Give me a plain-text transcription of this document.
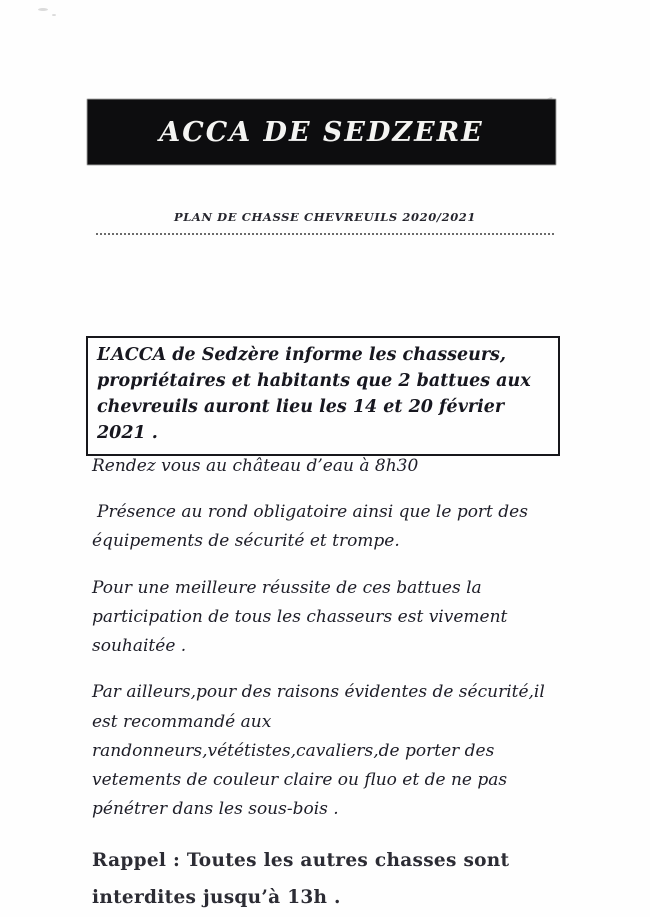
ACCA DE SEDZERE
PLAN DE CHASSE CHEVREUILS 2020/2021

L’ACCA de Sedzère informe les chasseurs, propriétaires et habitants que 2 battues aux chevreuils auront lieu les 14 et 20 février 2021 .

Rendez vous au château d’eau à 8h30

Présence au rond obligatoire ainsi que le port des équipements de sécurité et trompe.

Pour une meilleure réussite de ces battues la participation de tous les chasseurs est vivement souhaitée .

Par ailleurs,pour des raisons évidentes de sécurité,il est recommandé aux randonneurs,vététistes,cavaliers,de porter des vetements de couleur claire ou fluo et de ne pas pénétrer dans les sous-bois .

Rappel : Toutes les autres chasses sont interdites jusqu’à 13h .
